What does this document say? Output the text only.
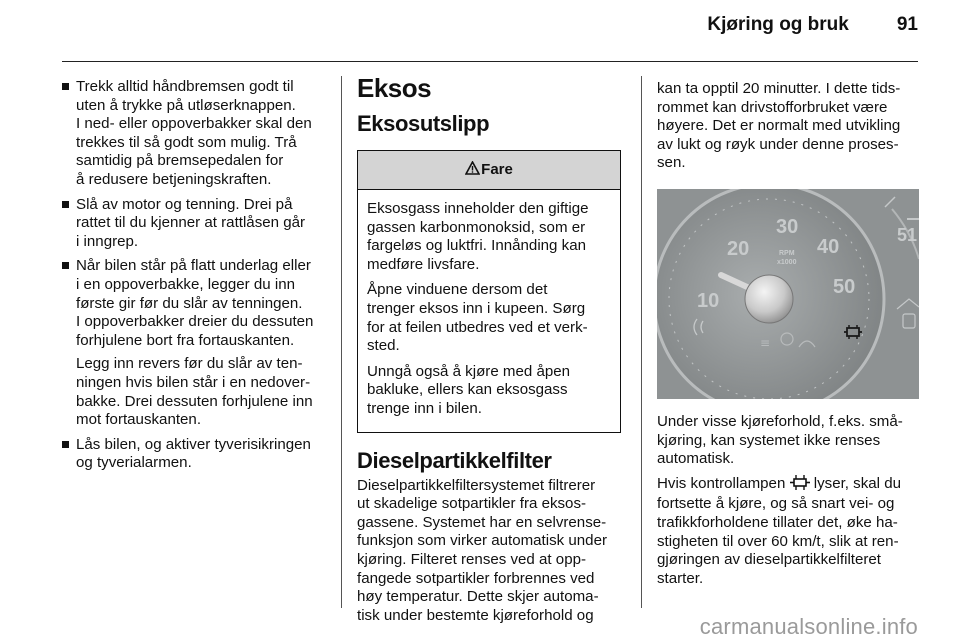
Kjøring og bruk	91
Trekk alltid håndbremsen godt til
uten å trykke på utløserknappen.
I ned- eller oppoverbakker skal den
trekkes til så godt som mulig. Trå
samtidig på bremsepedalen for
å redusere betjeningskraften.
Slå av motor og tenning. Drei på
rattet til du kjenner at rattlåsen går
i inngrep.
Når bilen står på flatt underlag eller
i en oppoverbakke, legger du inn
første gir før du slår av tenningen.
I oppoverbakker dreier du dessuten
forhjulene bort fra fortauskanten.
Legg inn revers før du slår av ten-
ningen hvis bilen står i en nedover-
bakke. Drei dessuten forhjulene inn
mot fortauskanten.
Lås bilen, og aktiver tyverisikringen
og tyverialarmen.
Eksos
Eksosutslipp
Fare

Eksosgass inneholder den giftige
gassen karbonmonoksid, som er
fargeløs og luktfri. Innånding kan
medføre livsfare.

Åpne vinduene dersom det
trenger eksos inn i kupeen. Sørg
for at feilen utbedres ved et verk-
sted.

Unngå også å kjøre med åpen
bakluke, ellers kan eksosgass
trenge inn i bilen.

Dieselpartikkelfilter

Dieselpartikkelfiltersystemet filtrerer
ut skadelige sotpartikler fra eksos-
gassene. Systemet har en selvrense-
funksjon som virker automatisk under
kjøring. Filteret renses ved at opp-
fangede sotpartikler forbrennes ved
høy temperatur. Dette skjer automa-
tisk under bestemte kjøreforhold og

kan ta opptil 20 minutter. I dette tids-
rommet kan drivstofforbruket være
høyere. Det er normalt med utvikling
av lukt og røyk under denne proses-
sen.

20
30
40
50
10
51
RPM
x1000
≡

Under visse kjøreforhold, f.eks. små-
kjøring, kan systemet ikke renses
automatisk.

Hvis kontrollampen  lyser, skal du
fortsette å kjøre, og så snart vei- og
trafikkforholdene tillater det, øke ha-
stigheten til over 60 km/t, slik at ren-
gjøringen av dieselpartikkelfilteret
starter.

carmanualsonline.info
